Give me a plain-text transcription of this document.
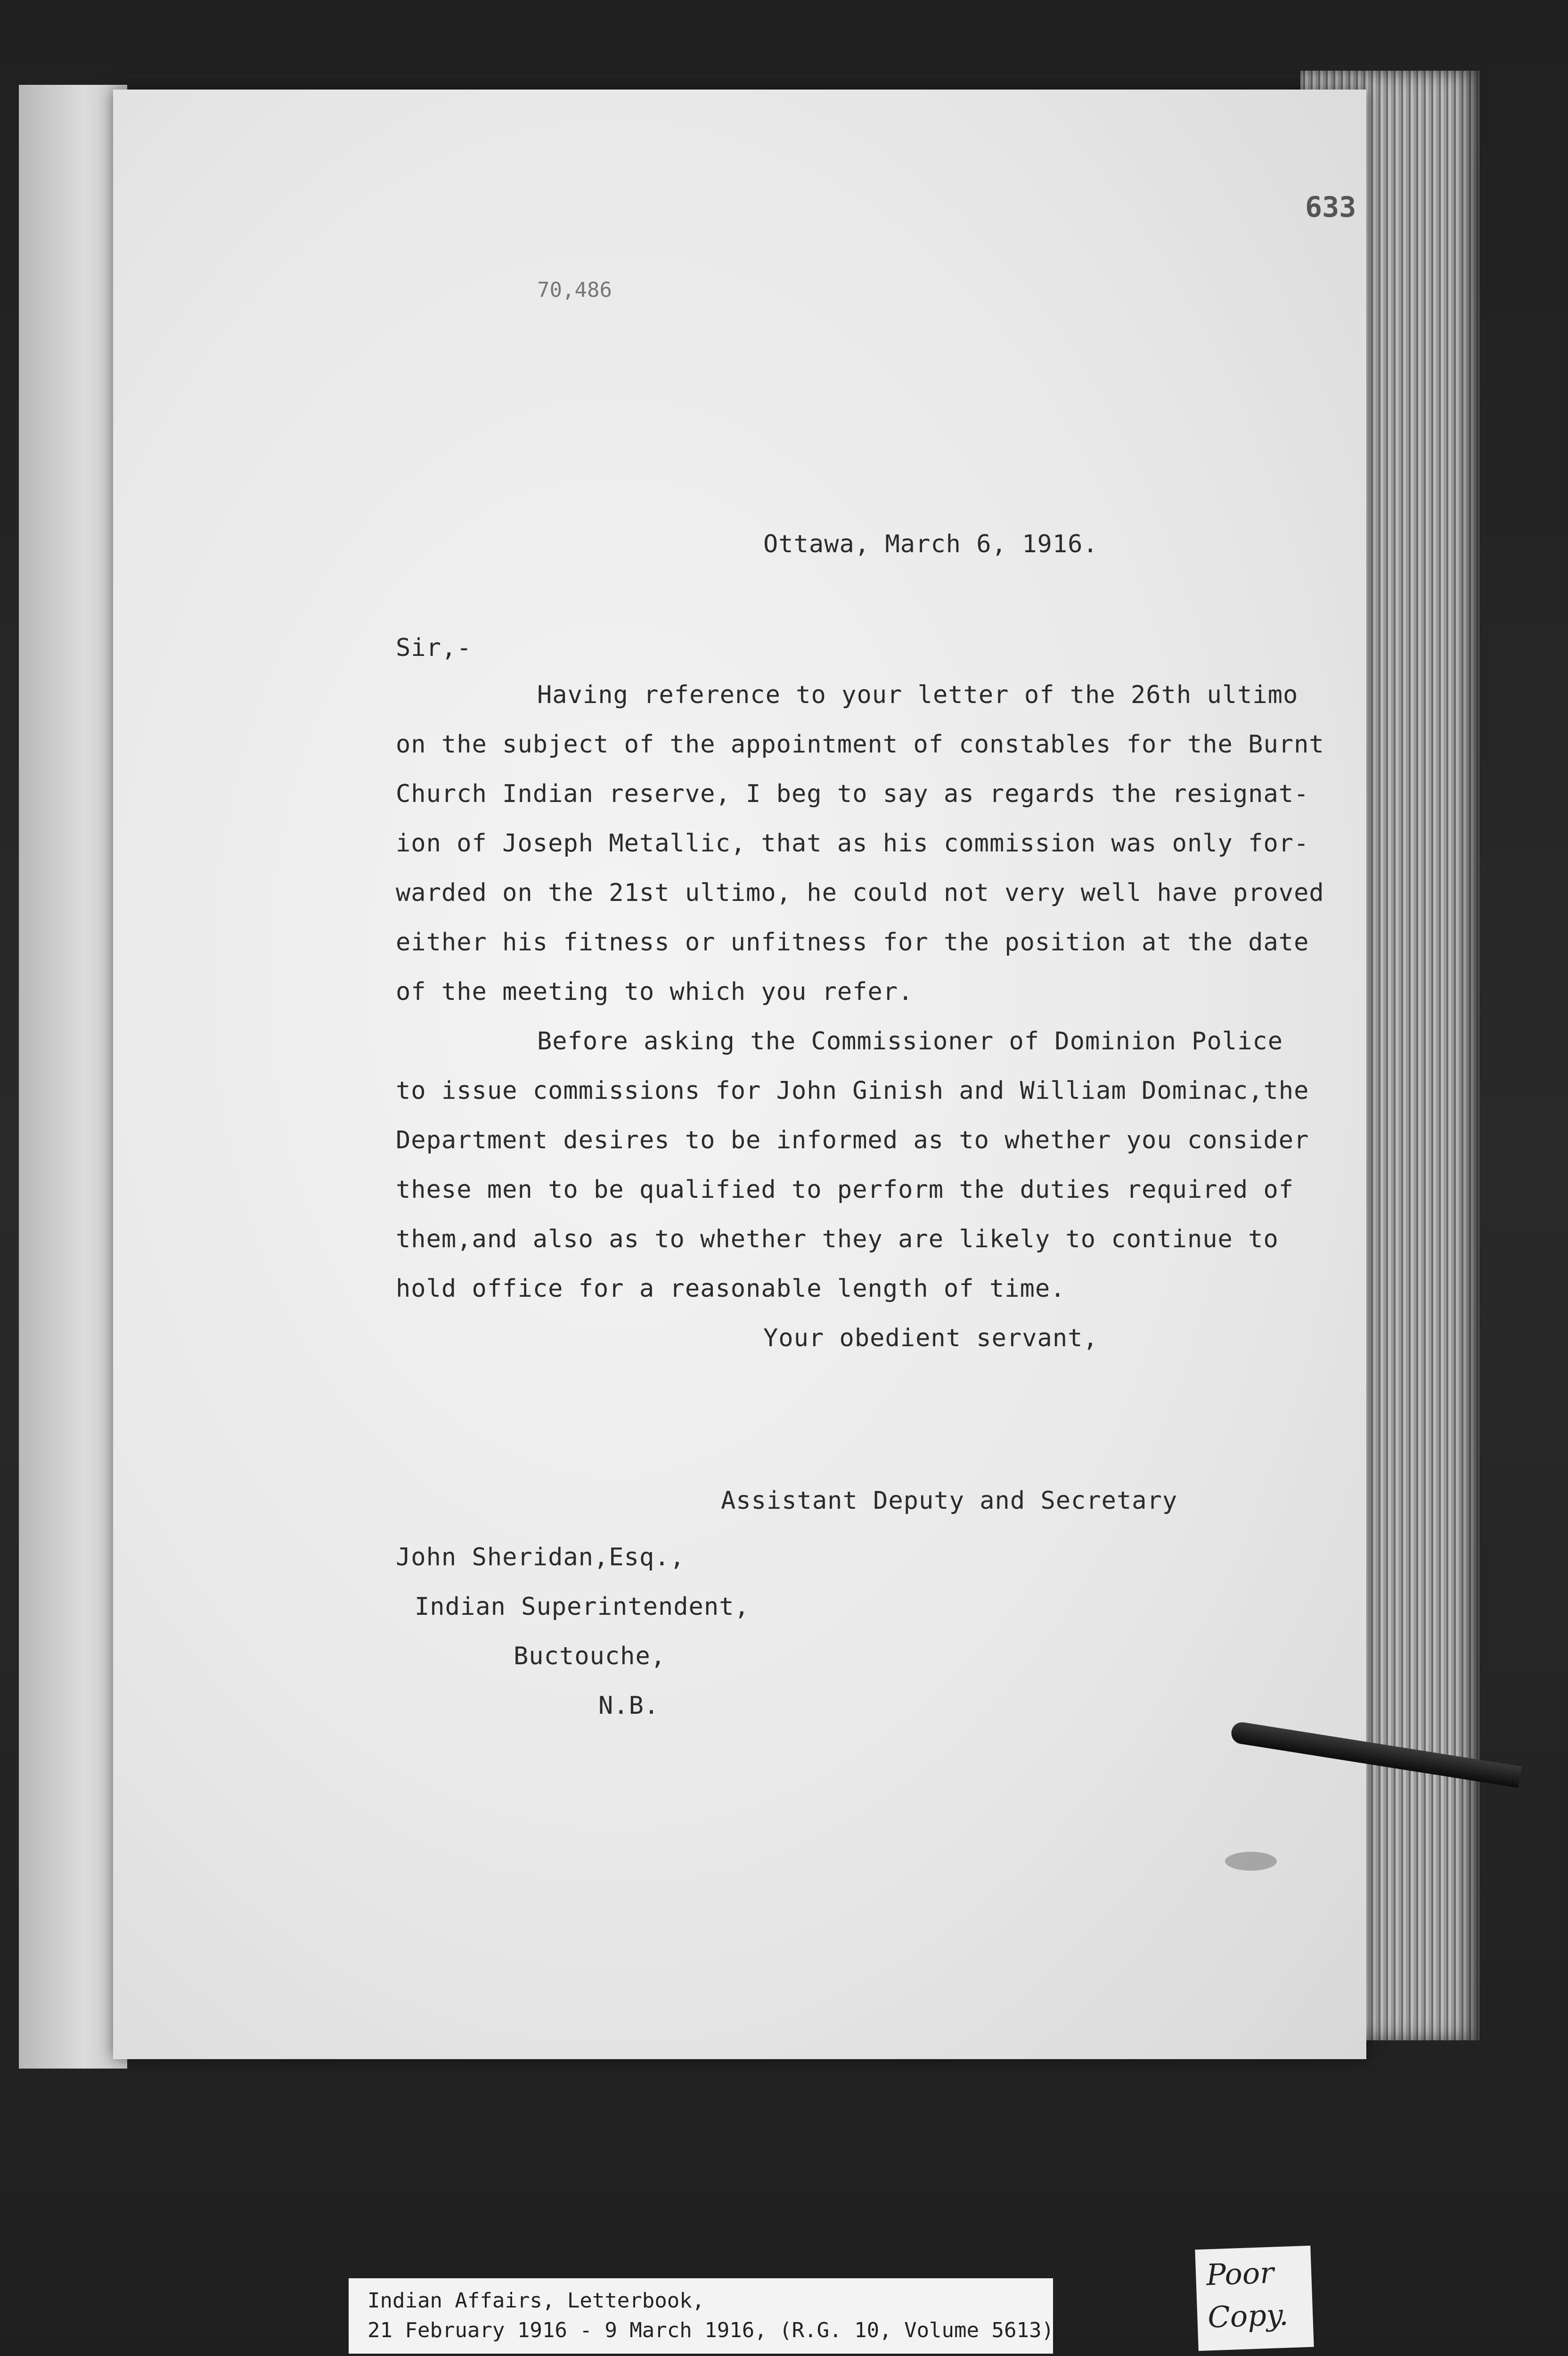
633
70,486
Ottawa, March 6, 1916.
Sir,-
Having reference to your letter of the 26th ultimo
on the subject of the appointment of constables for the Burnt
Church Indian reserve, I beg to say as regards the resignat-
ion of Joseph Metallic, that as his commission was only for-
warded on the 21st ultimo, he could not very well have proved
either his fitness or unfitness for the position at the date
of the meeting to which you refer.
Before asking the Commissioner of Dominion Police
to issue commissions for John Ginish and William Dominac,the
Department desires to be informed as to whether you consider
these men to be qualified to perform the duties required of
them,and also as to whether they are likely to continue to
hold office for a reasonable length of time.
Your obedient servant,
Assistant Deputy and Secretary
John Sheridan,Esq.,
Indian Superintendent,
Buctouche,
N.B.
Indian Affairs, Letterbook,
21 February 1916 - 9 March 1916, (R.G. 10, Volume 5613)
Poor
Copy.
